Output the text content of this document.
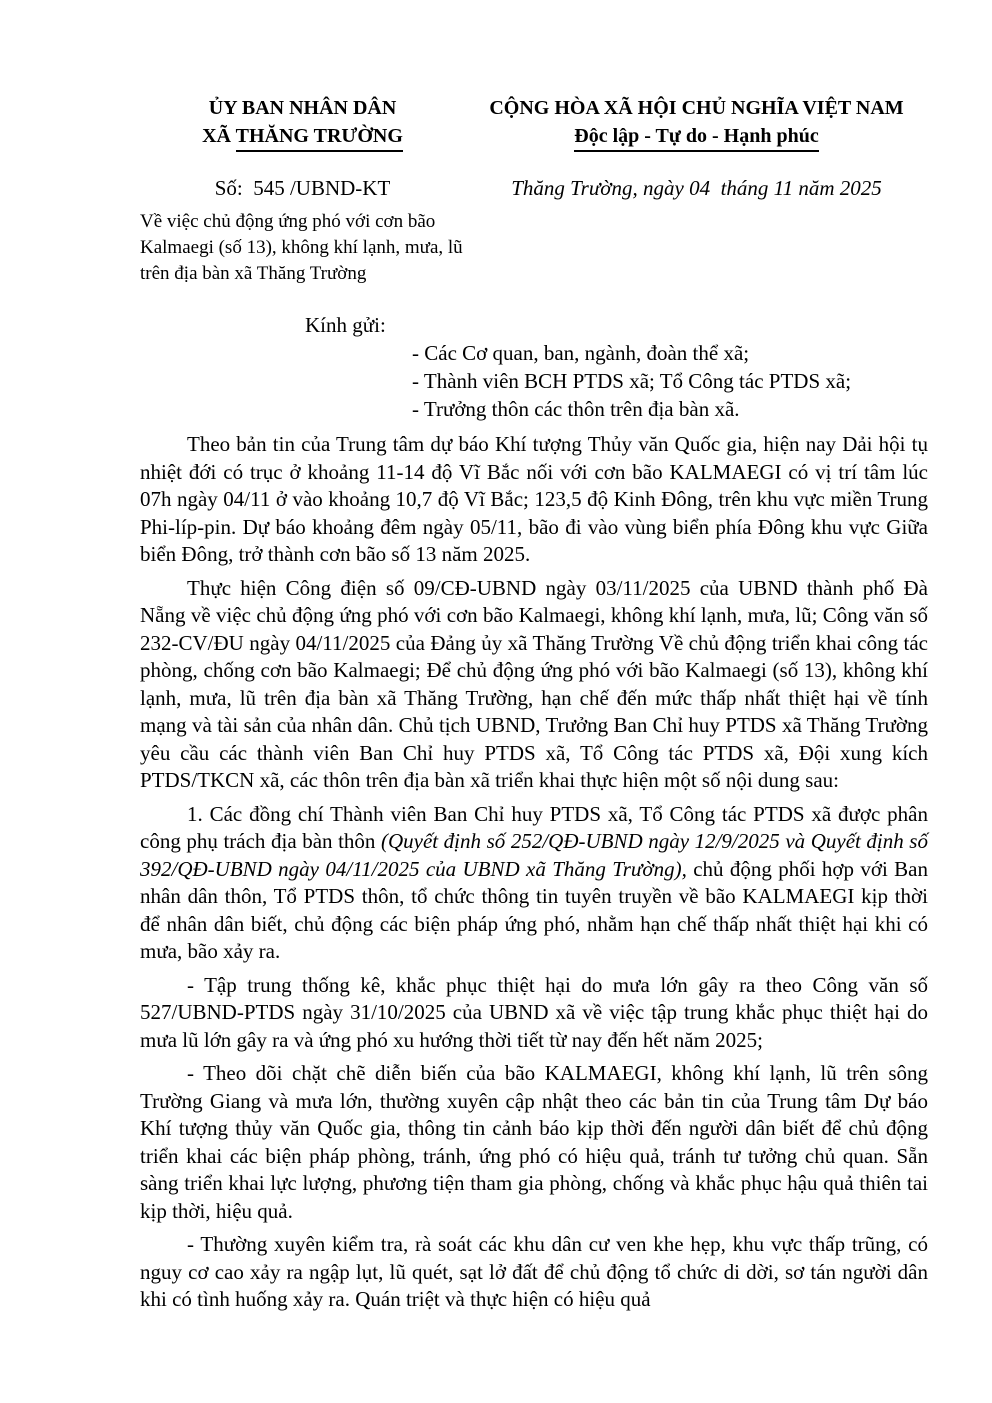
ỦY BAN NHÂN DÂN
XÃ THĂNG TRƯỜNG
CỘNG HÒA XÃ HỘI CHỦ NGHĨA VIỆT NAM
Độc lập - Tự do - Hạnh phúc
Số:  545 /UBND-KT	Thăng Trường, ngày 04  tháng 11 năm 2025
Về việc chủ động ứng phó với cơn bão Kalmaegi (số 13), không khí lạnh, mưa, lũ trên địa bàn xã Thăng Trường
Kính gửi:
- Các Cơ quan, ban, ngành, đoàn thể xã;
- Thành viên BCH PTDS xã; Tổ Công tác PTDS xã;
- Trưởng thôn các thôn trên địa bàn xã.

Theo bản tin của Trung tâm dự báo Khí tượng Thủy văn Quốc gia, hiện nay Dải hội tụ nhiệt đới có trục ở khoảng 11-14 độ Vĩ Bắc nối với cơn bão KALMAEGI có vị trí tâm lúc 07h ngày 04/11 ở vào khoảng 10,7 độ Vĩ Bắc; 123,5 độ Kinh Đông, trên khu vực miền Trung Phi-líp-pin. Dự báo khoảng đêm ngày 05/11, bão đi vào vùng biển phía Đông khu vực Giữa biển Đông, trở thành cơn bão số 13 năm 2025.

Thực hiện Công điện số 09/CĐ-UBND ngày 03/11/2025 của UBND thành phố Đà Nẵng về việc chủ động ứng phó với cơn bão Kalmaegi, không khí lạnh, mưa, lũ; Công văn số 232-CV/ĐU ngày 04/11/2025 của Đảng ủy xã Thăng Trường Về chủ động triển khai công tác phòng, chống cơn bão Kalmaegi; Để chủ động ứng phó với bão Kalmaegi (số 13), không khí lạnh, mưa, lũ trên địa bàn xã Thăng Trường, hạn chế đến mức thấp nhất thiệt hại về tính mạng và tài sản của nhân dân. Chủ tịch UBND, Trưởng Ban Chỉ huy PTDS xã Thăng Trường yêu cầu các thành viên Ban Chỉ huy PTDS xã, Tổ Công tác PTDS xã, Đội xung kích PTDS/TKCN xã, các thôn trên địa bàn xã triển khai thực hiện một số nội dung sau:

1. Các đồng chí Thành viên Ban Chỉ huy PTDS xã, Tổ Công tác PTDS xã được phân công phụ trách địa bàn thôn (Quyết định số 252/QĐ-UBND ngày 12/9/2025 và Quyết định số 392/QĐ-UBND ngày 04/11/2025 của UBND xã Thăng Trường), chủ động phối hợp với Ban nhân dân thôn, Tổ PTDS thôn, tổ chức thông tin tuyên truyền về bão KALMAEGI kịp thời để nhân dân biết, chủ động các biện pháp ứng phó, nhằm hạn chế thấp nhất thiệt hại khi có mưa, bão xảy ra.

- Tập trung thống kê, khắc phục thiệt hại do mưa lớn gây ra theo Công văn số 527/UBND-PTDS ngày 31/10/2025 của UBND xã về việc tập trung khắc phục thiệt hại do mưa lũ lớn gây ra và ứng phó xu hướng thời tiết từ nay đến hết năm 2025;

- Theo dõi chặt chẽ diễn biến của bão KALMAEGI, không khí lạnh, lũ trên sông Trường Giang và mưa lớn, thường xuyên cập nhật theo các bản tin của Trung tâm Dự báo Khí tượng thủy văn Quốc gia, thông tin cảnh báo kịp thời đến người dân biết để chủ động triển khai các biện pháp phòng, tránh, ứng phó có hiệu quả, tránh tư tưởng chủ quan. Sẵn sàng triển khai lực lượng, phương tiện tham gia phòng, chống và khắc phục hậu quả thiên tai kịp thời, hiệu quả.

- Thường xuyên kiểm tra, rà soát các khu dân cư ven khe hẹp, khu vực thấp trũng, có nguy cơ cao xảy ra ngập lụt, lũ quét, sạt lở đất để chủ động tổ chức di dời, sơ tán người dân khi có tình huống xảy ra. Quán triệt và thực hiện có hiệu quả
